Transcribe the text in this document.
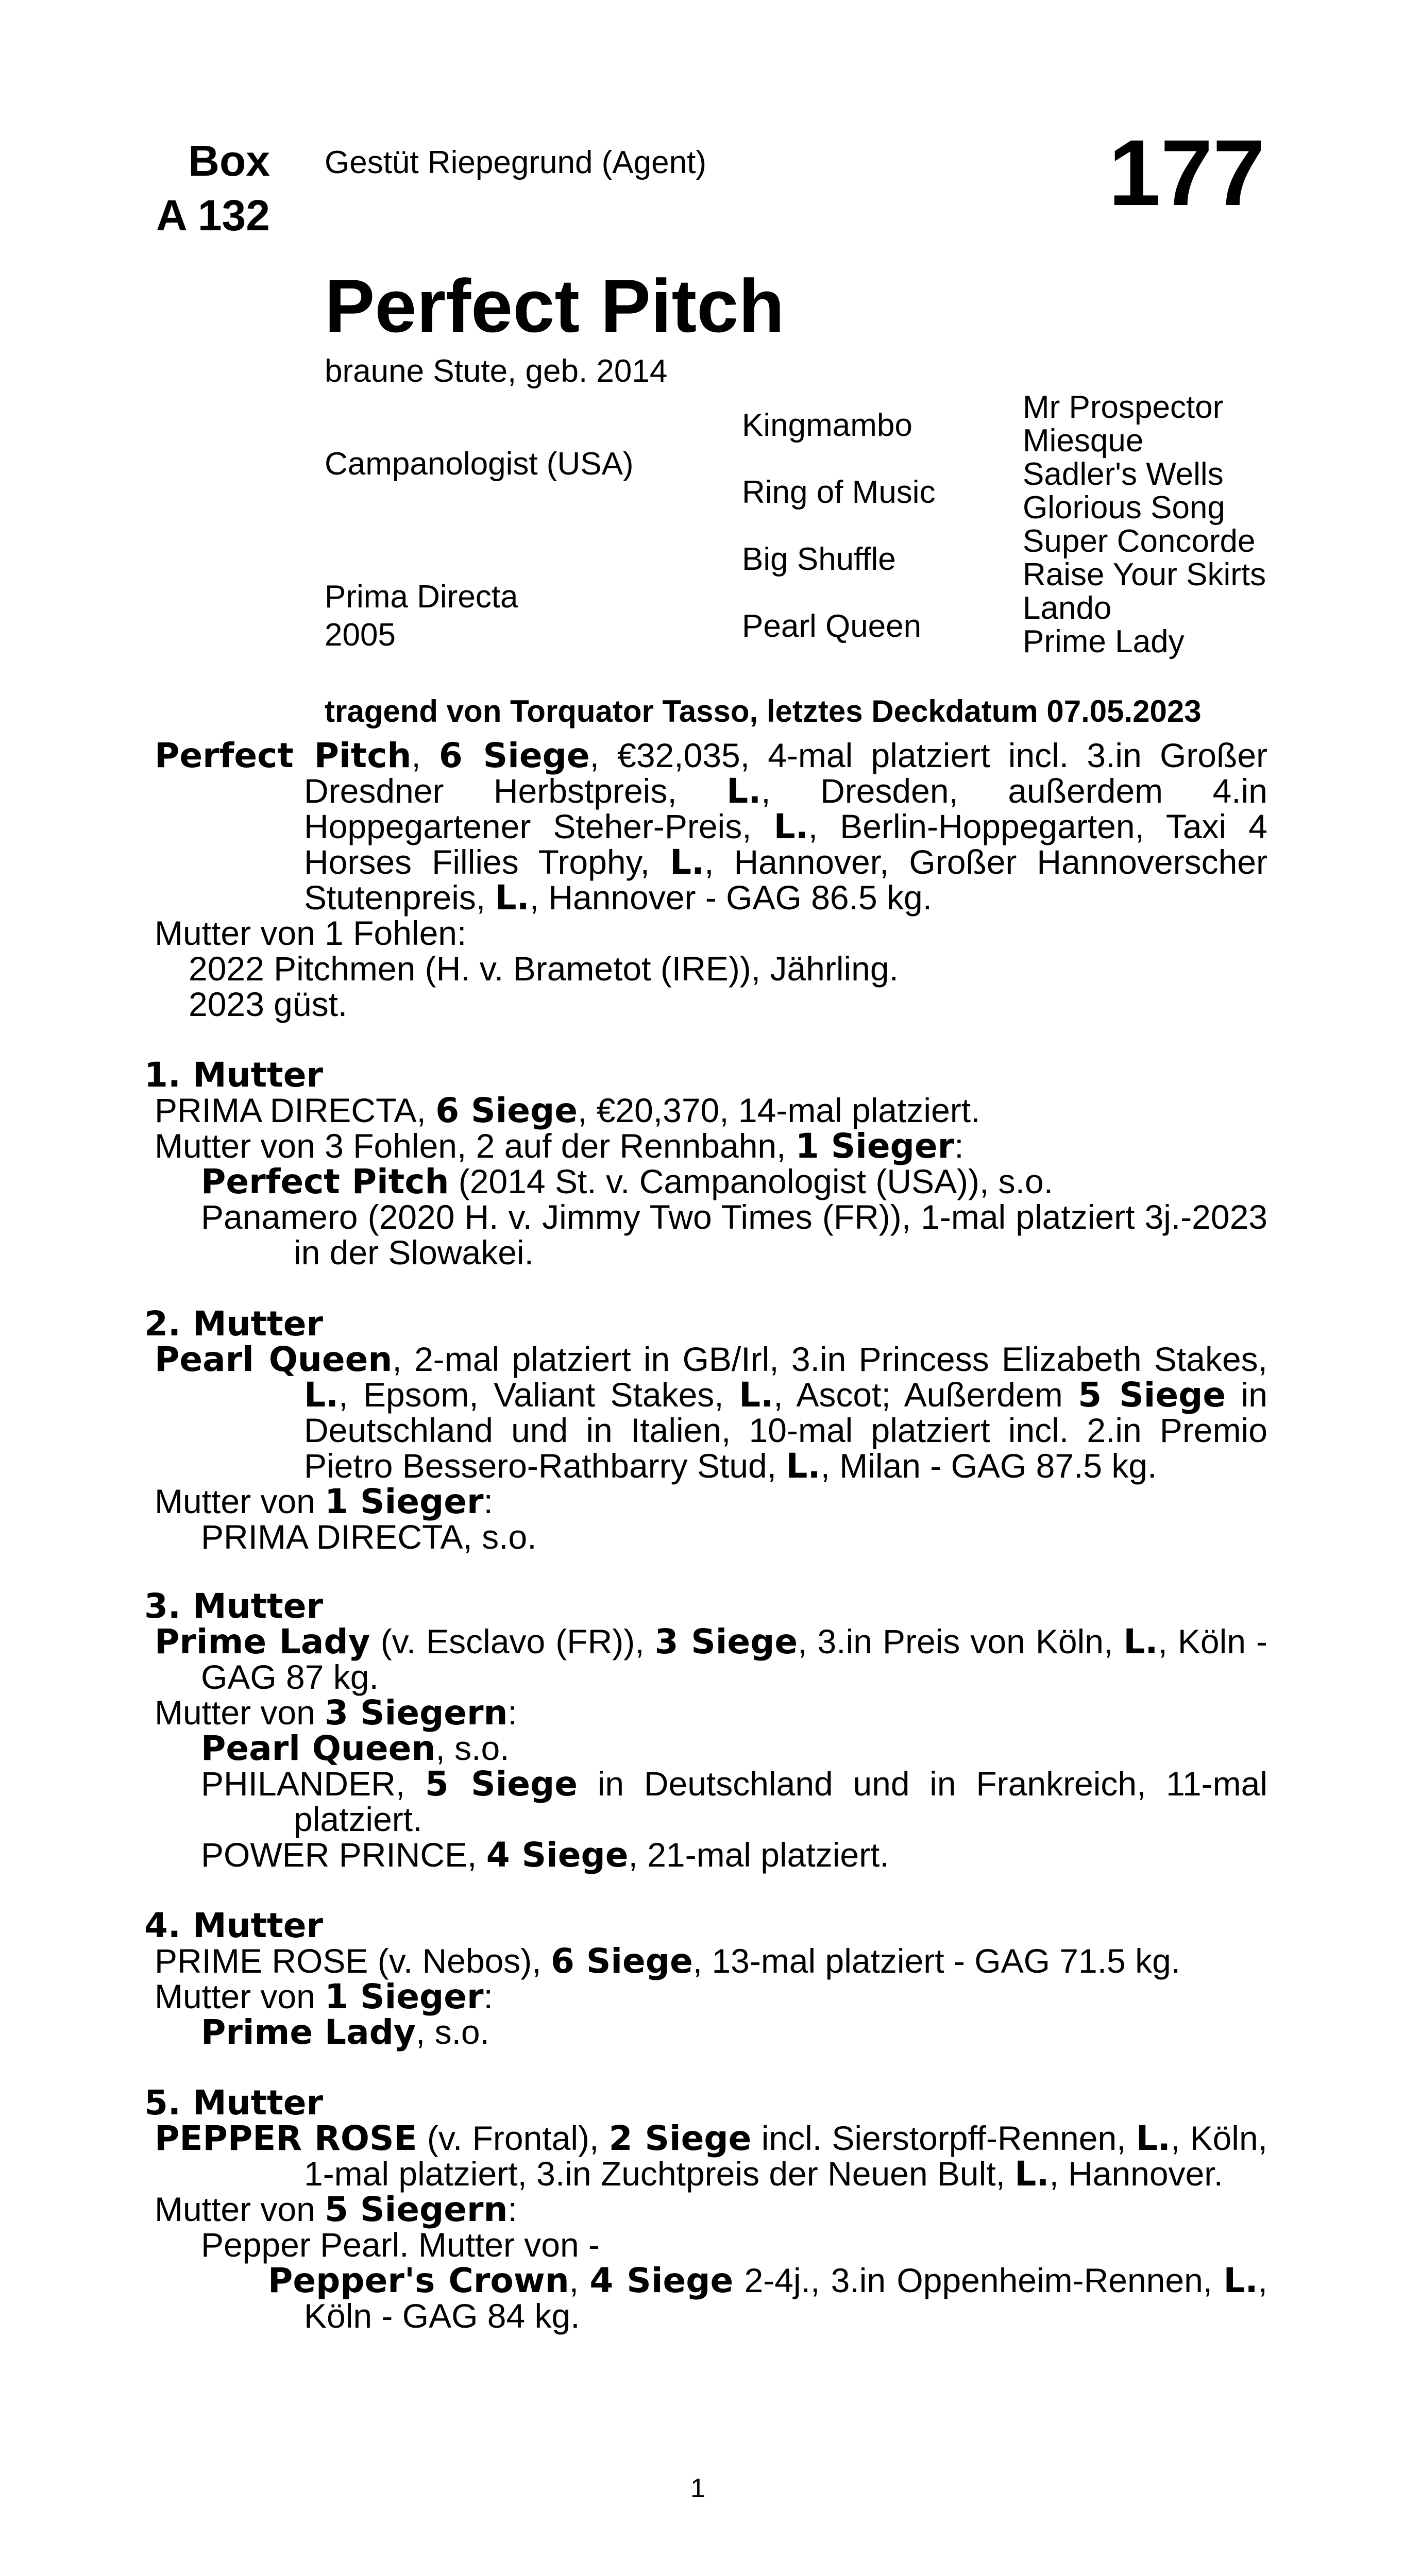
Box
A 132
Gestüt Riepegrund (Agent)	177
Perfect Pitch
braune Stute, geb. 2014
Campanologist (USA)
Prima Directa
2005
Kingmambo
Ring of Music
Big Shuffle
Pearl Queen
Mr Prospector
Miesque
Sadler's Wells
Glorious Song
Super Concorde
Raise Your Skirts
Lando
Prime Lady
tragend von Torquator Tasso, letztes Deckdatum 07.05.2023
Perfect Pitch, 6 Siege, €32,035, 4-mal platziert incl. 3.in Großer Dresdner Herbstpreis, L., Dresden, außerdem 4.in Hoppegartener Steher-Preis, L., Berlin-Hoppegarten, Taxi 4 Horses Fillies Trophy, L., Hannover, Großer Hannoverscher Stutenpreis, L., Hannover - GAG 86.5 kg.
Mutter von 1 Fohlen:
2022 Pitchmen (H. v. Brametot (IRE)), Jährling.
2023 güst.
1. Mutter
PRIMA DIRECTA, 6 Siege, €20,370, 14-mal platziert.
Mutter von 3 Fohlen, 2 auf der Rennbahn, 1 Sieger:
Perfect Pitch (2014 St. v. Campanologist (USA)), s.o.
Panamero (2020 H. v. Jimmy Two Times (FR)), 1-mal platziert 3j.-2023 in der Slowakei.
2. Mutter
Pearl Queen, 2-mal platziert in GB/Irl, 3.in Princess Elizabeth Stakes, L., Epsom, Valiant Stakes, L., Ascot; Außerdem 5 Siege in Deutschland und in Italien, 10-mal platziert incl. 2.in Premio Pietro Bessero-Rathbarry Stud, L., Milan - GAG 87.5 kg.
Mutter von 1 Sieger:
PRIMA DIRECTA, s.o.
3. Mutter
Prime Lady (v. Esclavo (FR)), 3 Siege, 3.in Preis von Köln, L., Köln - GAG 87 kg.
Mutter von 3 Siegern:
Pearl Queen, s.o.
PHILANDER, 5 Siege in Deutschland und in Frankreich, 11-mal platziert.
POWER PRINCE, 4 Siege, 21-mal platziert.
4. Mutter
PRIME ROSE (v. Nebos), 6 Siege, 13-mal platziert - GAG 71.5 kg.
Mutter von 1 Sieger:
Prime Lady, s.o.
5. Mutter
PEPPER ROSE (v. Frontal), 2 Siege incl. Sierstorpff-Rennen, L., Köln, 1-mal platziert, 3.in Zuchtpreis der Neuen Bult, L., Hannover.
Mutter von 5 Siegern:
Pepper Pearl. Mutter von -
Pepper's Crown, 4 Siege 2-4j., 3.in Oppenheim-Rennen, L., Köln - GAG 84 kg.
1
